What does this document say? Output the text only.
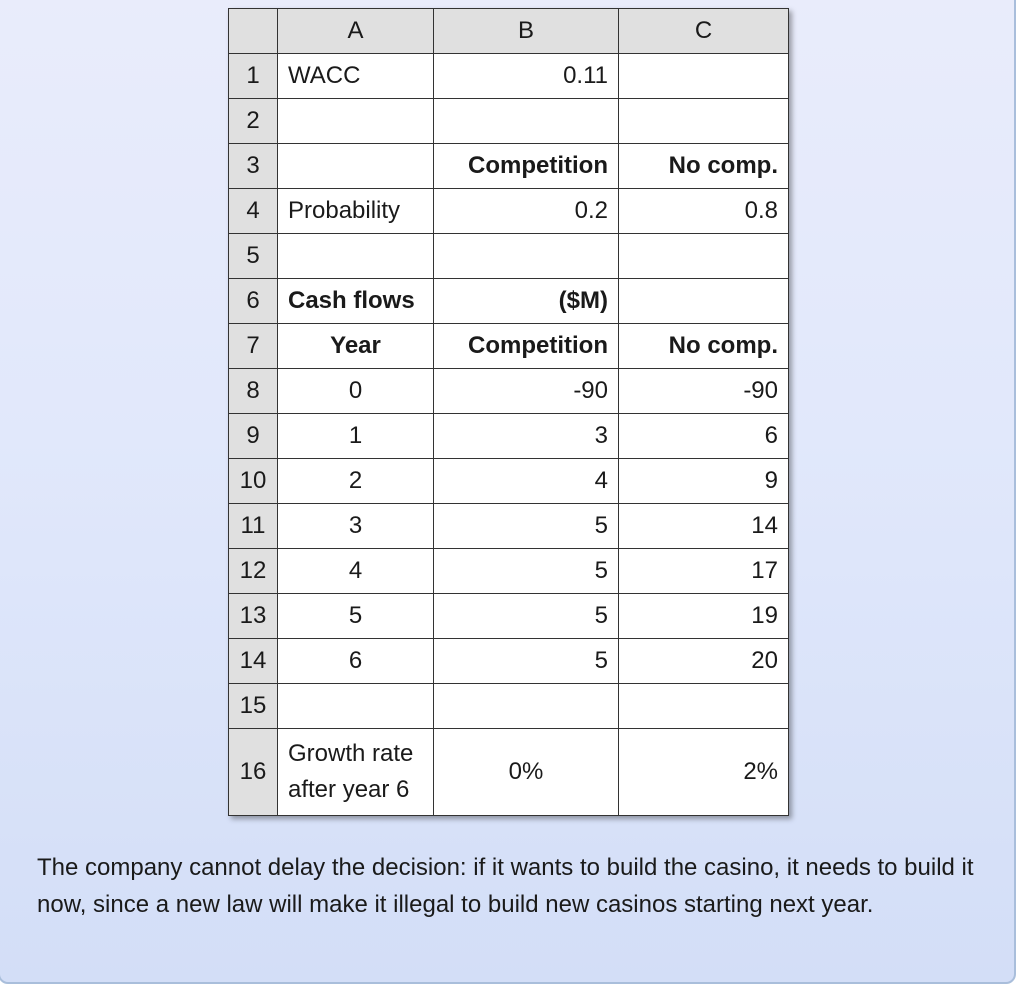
	A	B	C
1	WACC	0.11	
2			
3		Competition	No comp.
4	Probability	0.2	0.8
5			
6	Cash flows	($M)	
7	Year	Competition	No comp.
8	0	-90	-90
9	1	3	6
10	2	4	9
11	3	5	14
12	4	5	17
13	5	5	19
14	6	5	20
15			
16	Growth rate after year 6	0%	2%

The company cannot delay the decision: if it wants to build the casino, it needs to build it now, since a new law will make it illegal to build new casinos starting next year.
